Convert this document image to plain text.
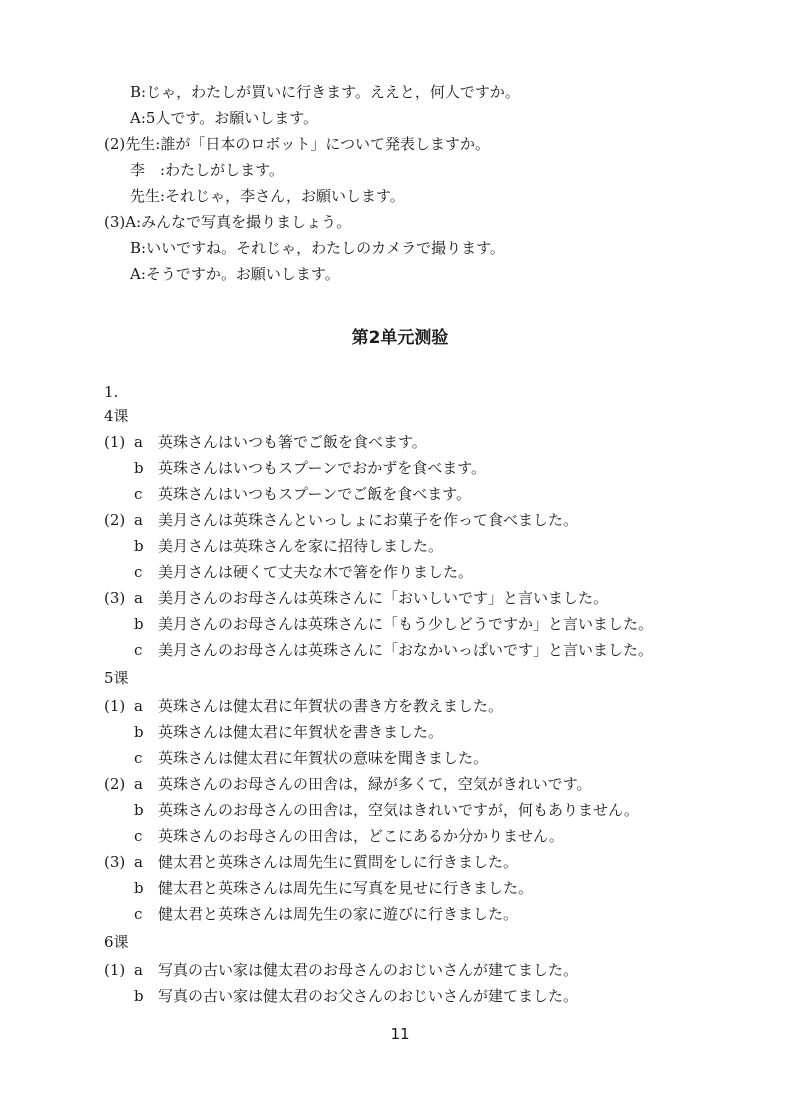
B:じゃ，わたしが買いに行きます。ええと，何人ですか。
A:5人です。お願いします。
(2)先生:誰が「日本のロボット」について発表しますか。
李　:わたしがします。
先生:それじゃ，李さん，お願いします。
(3)A:みんなで写真を撮りましょう。
B:いいですね。それじゃ，わたしのカメラで撮ります。
A:そうですか。お願いします。
第2单元测验
1.
4课
(1) a 英珠さんはいつも箸でご飯を食べます。
b 英珠さんはいつもスプーンでおかずを食べます。
c 英珠さんはいつもスプーンでご飯を食べます。
(2) a 美月さんは英珠さんといっしょにお菓子を作って食べました。
b 美月さんは英珠さんを家に招待しました。
c 美月さんは硬くて丈夫な木で箸を作りました。
(3) a 美月さんのお母さんは英珠さんに「おいしいです」と言いました。
b 美月さんのお母さんは英珠さんに「もう少しどうですか」と言いました。
c 美月さんのお母さんは英珠さんに「おなかいっぱいです」と言いました。
5课
(1) a 英珠さんは健太君に年賀状の書き方を教えました。
b 英珠さんは健太君に年賀状を書きました。
c 英珠さんは健太君に年賀状の意味を聞きました。
(2) a 英珠さんのお母さんの田舎は，緑が多くて，空気がきれいです。
b 英珠さんのお母さんの田舎は，空気はきれいですが，何もありません。
c 英珠さんのお母さんの田舎は，どこにあるか分かりません。
(3) a 健太君と英珠さんは周先生に質問をしに行きました。
b 健太君と英珠さんは周先生に写真を見せに行きました。
c 健太君と英珠さんは周先生の家に遊びに行きました。
6课
(1) a 写真の古い家は健太君のお母さんのおじいさんが建てました。
b 写真の古い家は健太君のお父さんのおじいさんが建てました。
11
